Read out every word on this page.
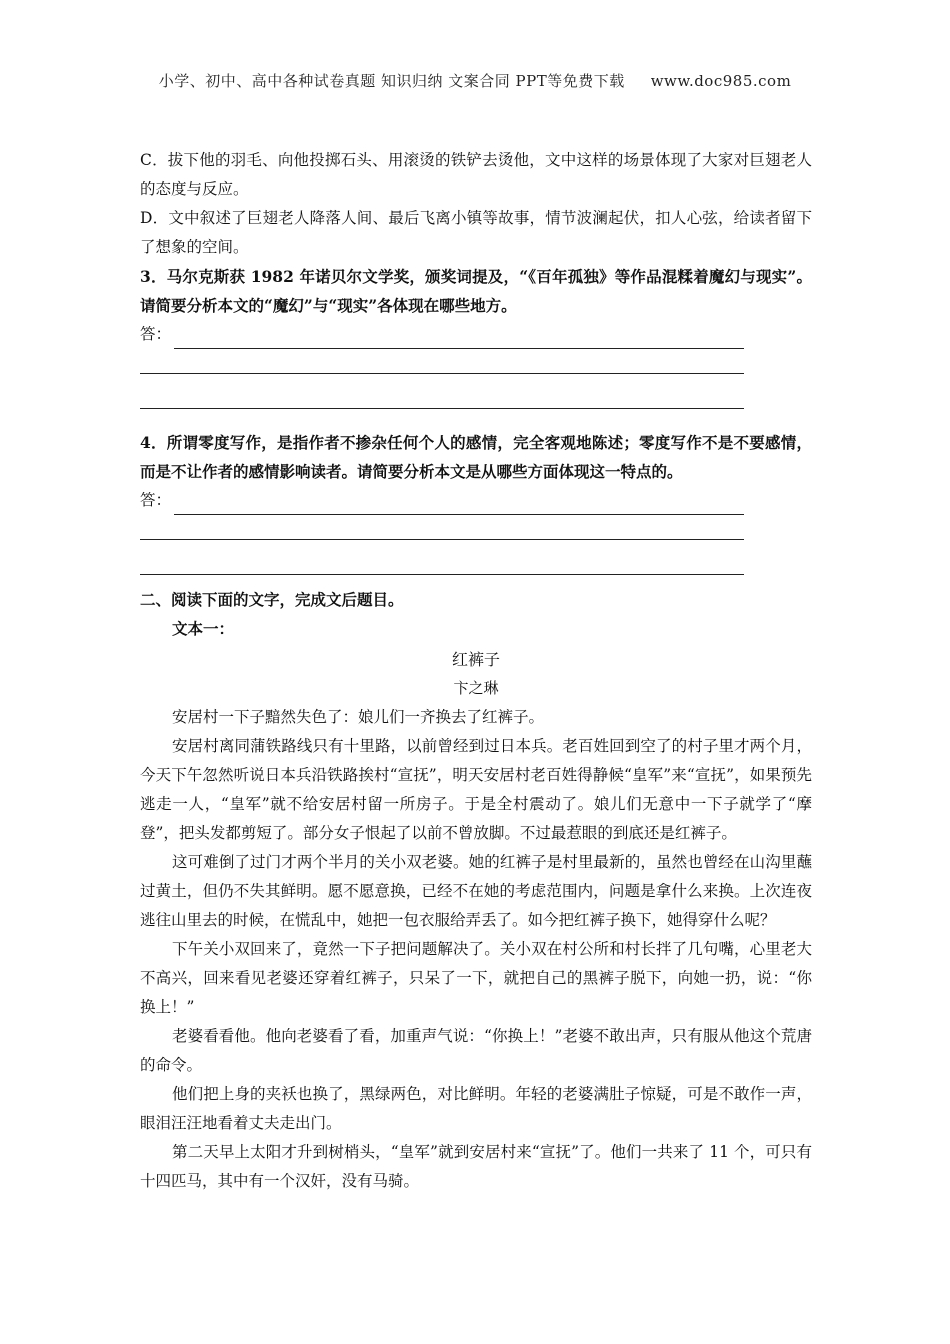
小学、初中、高中各种试卷真题 知识归纳 文案合同 PPT等免费下载 www.doc985.com

C．拔下他的羽毛、向他投掷石头、用滚烫的铁铲去烫他，文中这样的场景体现了大家对巨翅老人的态度与反应。

D．文中叙述了巨翅老人降落人间、最后飞离小镇等故事，情节波澜起伏，扣人心弦，给读者留下了想象的空间。

3．马尔克斯获 1982 年诺贝尔文学奖，颁奖词提及，“《百年孤独》等作品混糅着魔幻与现实”。请简要分析本文的“魔幻”与“现实”各体现在哪些地方。

答：

4．所谓零度写作，是指作者不掺杂任何个人的感情，完全客观地陈述；零度写作不是不要感情，而是不让作者的感情影响读者。请简要分析本文是从哪些方面体现这一特点的。

答：

二、阅读下面的文字，完成文后题目。

文本一：

红裤子

卞之琳

安居村一下子黯然失色了：娘儿们一齐换去了红裤子。

安居村离同蒲铁路线只有十里路，以前曾经到过日本兵。老百姓回到空了的村子里才两个月，今天下午忽然听说日本兵沿铁路挨村“宣抚”，明天安居村老百姓得静候“皇军”来“宣抚”，如果预先逃走一人，“皇军”就不给安居村留一所房子。于是全村震动了。娘儿们无意中一下子就学了“摩登”，把头发都剪短了。部分女子恨起了以前不曾放脚。不过最惹眼的到底还是红裤子。

这可难倒了过门才两个半月的关小双老婆。她的红裤子是村里最新的，虽然也曾经在山沟里蘸过黄土，但仍不失其鲜明。愿不愿意换，已经不在她的考虑范围内，问题是拿什么来换。上次连夜逃往山里去的时候，在慌乱中，她把一包衣服给弄丢了。如今把红裤子换下，她得穿什么呢？

下午关小双回来了，竟然一下子把问题解决了。关小双在村公所和村长拌了几句嘴，心里老大不高兴，回来看见老婆还穿着红裤子，只呆了一下，就把自己的黑裤子脱下，向她一扔，说：“你换上！”

老婆看看他。他向老婆看了看，加重声气说：“你换上！”老婆不敢出声，只有服从他这个荒唐的命令。

他们把上身的夹袄也换了，黑绿两色，对比鲜明。年轻的老婆满肚子惊疑，可是不敢作一声，眼泪汪汪地看着丈夫走出门。

第二天早上太阳才升到树梢头，“皇军”就到安居村来“宣抚”了。他们一共来了 11 个，可只有十四匹马，其中有一个汉奸，没有马骑。
